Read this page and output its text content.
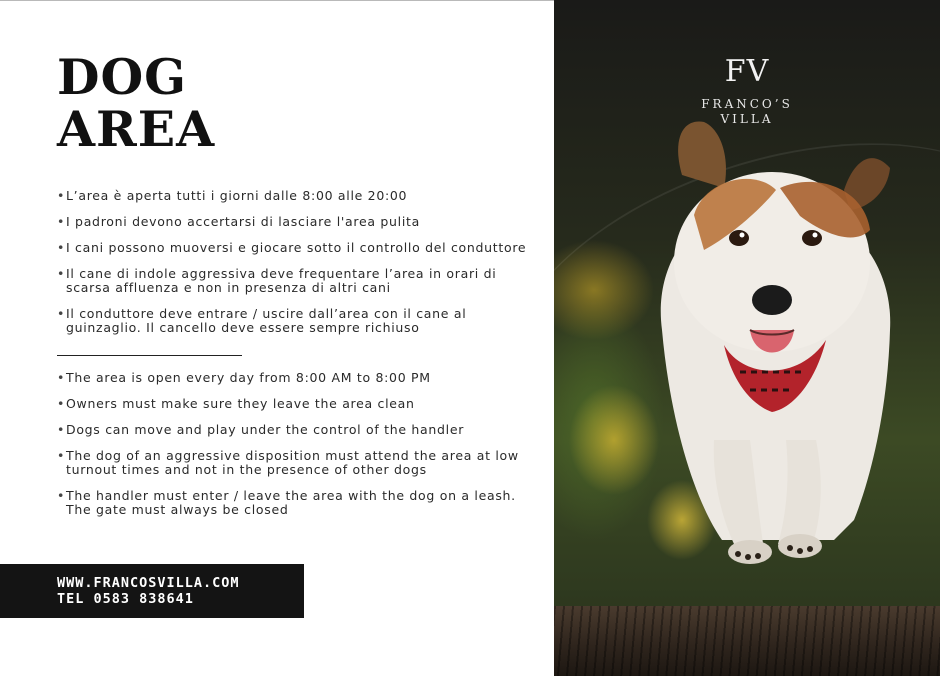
DOG
AREA
• L’area è aperta tutti i giorni dalle 8:00 alle 20:00
• I padroni devono accertarsi di lasciare l'area pulita
• I cani possono muoversi e giocare sotto il controllo del conduttore
• Il cane di indole aggressiva deve frequentare l’area in orari di
scarsa affluenza e non in presenza di altri cani
• Il conduttore deve entrare / uscire dall’area con il cane al
guinzaglio. Il cancello deve essere sempre richiuso
• The area is open every day from 8:00 AM to 8:00 PM
• Owners must make sure they leave the area clean
• Dogs can move and play under the control of the handler
• The dog of an aggressive disposition must attend the area at low
turnout times and not in the presence of other dogs
• The handler must enter / leave the area with the dog on a leash.
The gate must always be closed
WWW.FRANCOSVILLA.COM
TEL 0583 838641
FV
FRANCO’S
VILLA
